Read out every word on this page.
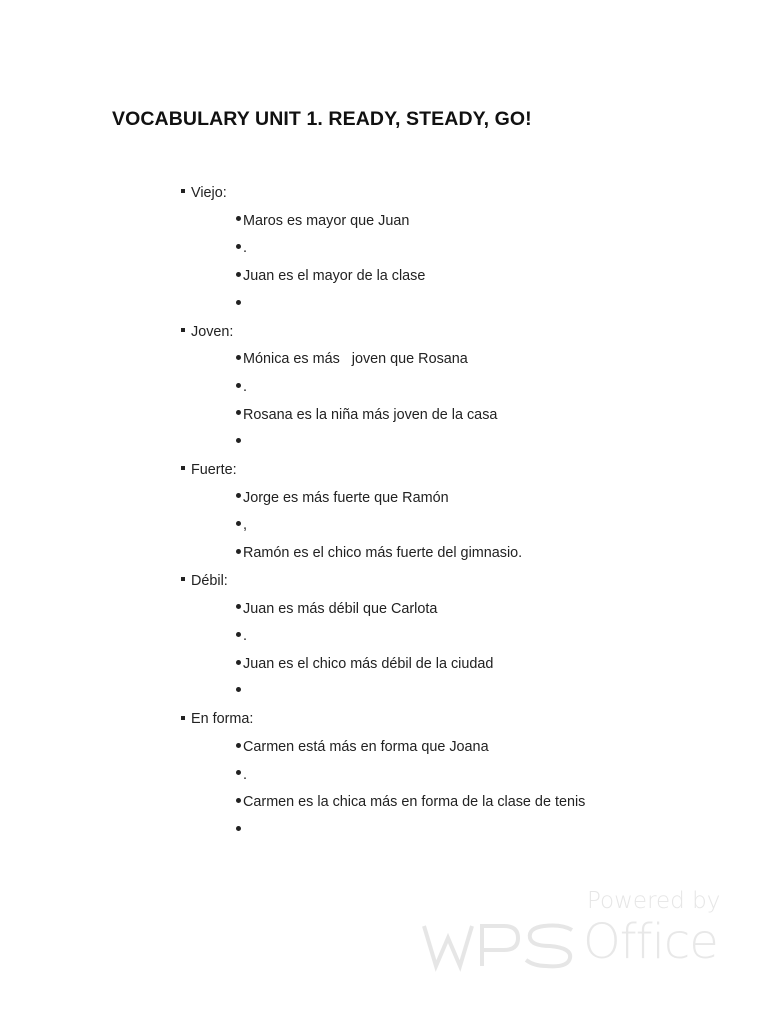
VOCABULARY UNIT 1. READY, STEADY, GO!
Viejo:
Maros es mayor que Juan
.
Juan es el mayor de la clase
Joven:
Mónica es más   joven que Rosana
.
Rosana es la niña más joven de la casa
Fuerte:
Jorge es más fuerte que Ramón
,
Ramón es el chico más fuerte del gimnasio.
Débil:
Juan es más débil que Carlota
.
Juan es el chico más débil de la ciudad
En forma:
Carmen está más en forma que Joana
.
Carmen es la chica más en forma de la clase de tenis
Powered by
Office
